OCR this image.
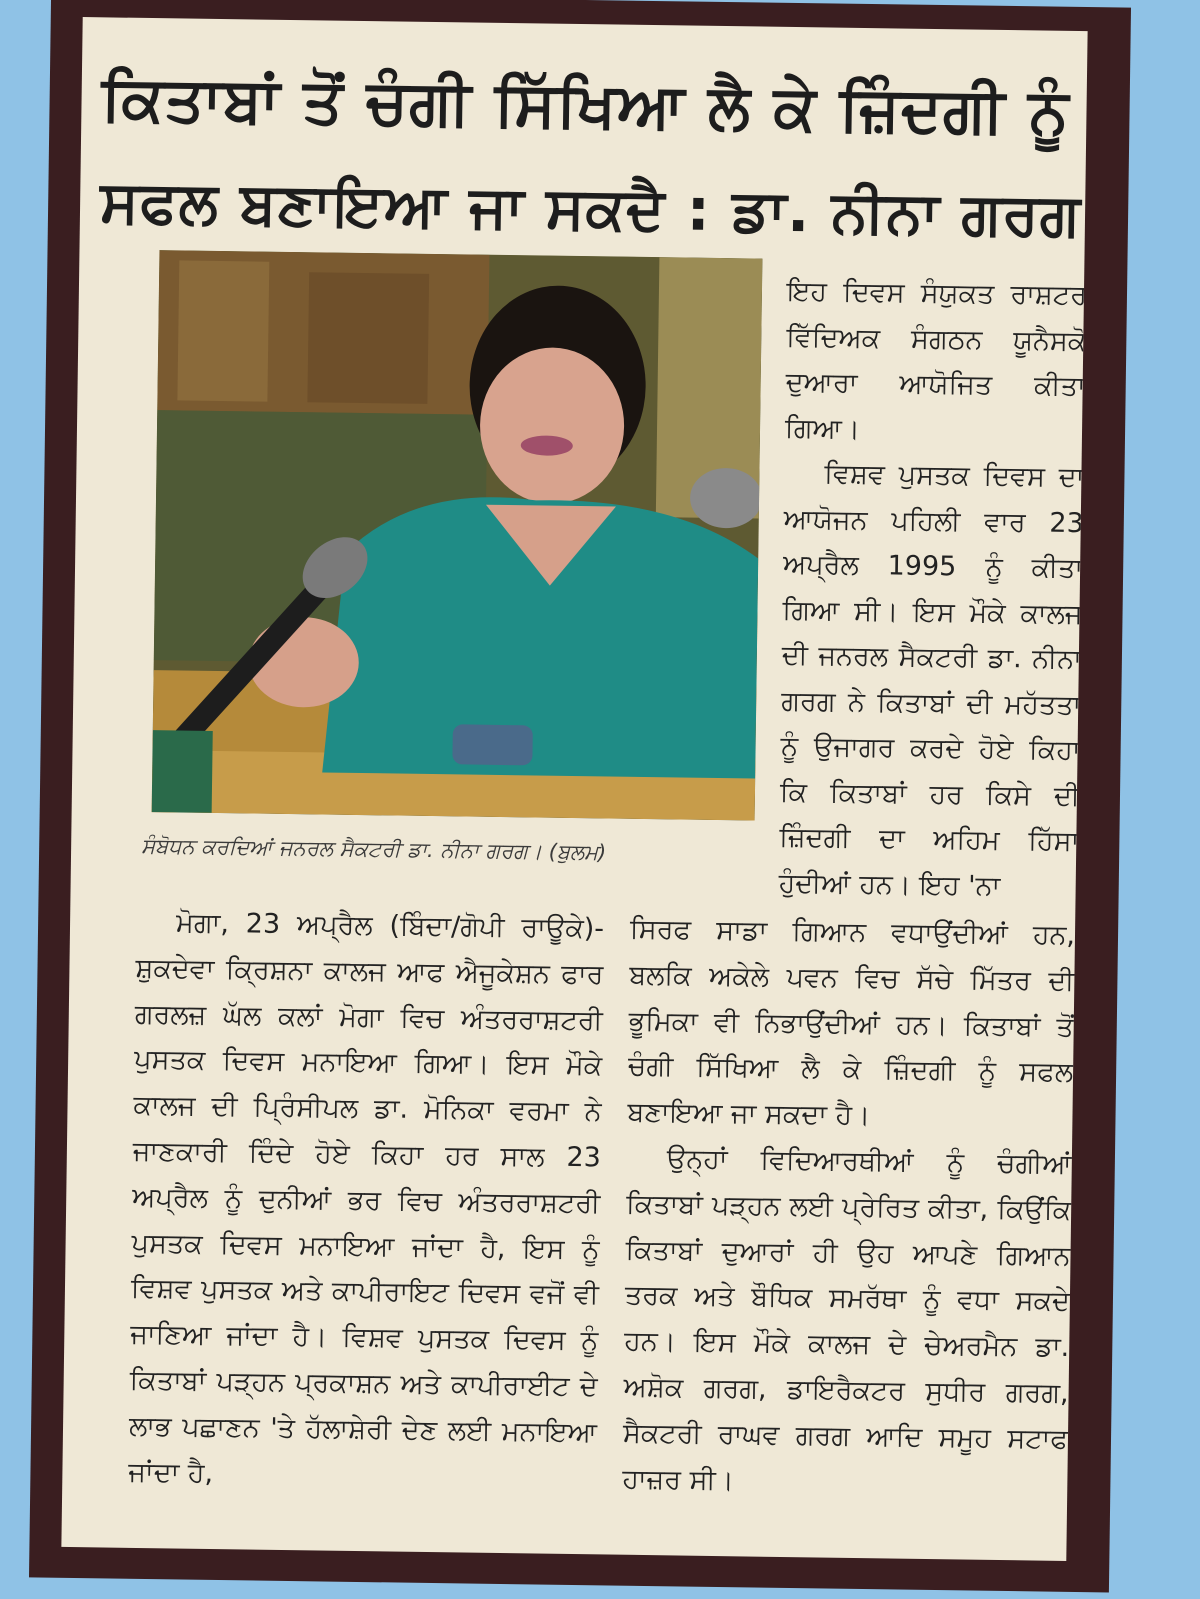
ਕਿਤਾਬਾਂ ਤੋਂ ਚੰਗੀ ਸਿੱਖਿਆ ਲੈ ਕੇ ਜ਼ਿੰਦਗੀ ਨੂੰ
ਸਫਲ ਬਣਾਇਆ ਜਾ ਸਕਦੈ : ਡਾ. ਨੀਨਾ ਗਰਗ
ਸੰਬੋਧਨ ਕਰਦਿਆਂ ਜਨਰਲ ਸੈਕਟਰੀ ਡਾ. ਨੀਨਾ ਗਰਗ। (ਬੁਲਮ)

ਇਹ ਦਿਵਸ ਸੰਯੁਕਤ ਰਾਸ਼ਟਰ ਵਿੱਦਿਅਕ ਸੰਗਠਨ ਯੂਨੈਸਕੋ ਦੁਆਰਾ ਆਯੋਜਿਤ ਕੀਤਾ ਗਿਆ।

ਵਿਸ਼ਵ ਪੁਸਤਕ ਦਿਵਸ ਦਾ ਆਯੋਜਨ ਪਹਿਲੀ ਵਾਰ 23 ਅਪ੍ਰੈਲ 1995 ਨੂੰ ਕੀਤਾ ਗਿਆ ਸੀ। ਇਸ ਮੌਕੇ ਕਾਲਜ ਦੀ ਜਨਰਲ ਸੈਕਟਰੀ ਡਾ. ਨੀਨਾ ਗਰਗ ਨੇ ਕਿਤਾਬਾਂ ਦੀ ਮਹੱਤਤਾ ਨੂੰ ਉਜਾਗਰ ਕਰਦੇ ਹੋਏ ਕਿਹਾ ਕਿ ਕਿਤਾਬਾਂ ਹਰ ਕਿਸੇ ਦੀ ਜ਼ਿੰਦਗੀ ਦਾ ਅਹਿਮ ਹਿੱਸਾ ਹੁੰਦੀਆਂ ਹਨ। ਇਹ 'ਨਾ

ਮੋਗਾ, 23 ਅਪ੍ਰੈਲ (ਬਿੰਦਾ/ਗੋਪੀ ਰਾਊਕੇ)-ਸ਼ੁਕਦੇਵਾ ਕ੍ਰਿਸ਼ਨਾ ਕਾਲਜ ਆਫ ਐਜੂਕੇਸ਼ਨ ਫਾਰ ਗਰਲਜ਼ ਘੱਲ ਕਲਾਂ ਮੋਗਾ ਵਿਚ ਅੰਤਰਰਾਸ਼ਟਰੀ ਪੁਸਤਕ ਦਿਵਸ ਮਨਾਇਆ ਗਿਆ। ਇਸ ਮੌਕੇ ਕਾਲਜ ਦੀ ਪ੍ਰਿੰਸੀਪਲ ਡਾ. ਮੋਨਿਕਾ ਵਰਮਾ ਨੇ ਜਾਣਕਾਰੀ ਦਿੰਦੇ ਹੋਏ ਕਿਹਾ ਹਰ ਸਾਲ 23 ਅਪ੍ਰੈਲ ਨੂੰ ਦੁਨੀਆਂ ਭਰ ਵਿਚ ਅੰਤਰਰਾਸ਼ਟਰੀ ਪੁਸਤਕ ਦਿਵਸ ਮਨਾਇਆ ਜਾਂਦਾ ਹੈ, ਇਸ ਨੂੰ ਵਿਸ਼ਵ ਪੁਸਤਕ ਅਤੇ ਕਾਪੀਰਾਇਟ ਦਿਵਸ ਵਜੋਂ ਵੀ ਜਾਣਿਆ ਜਾਂਦਾ ਹੈ। ਵਿਸ਼ਵ ਪੁਸਤਕ ਦਿਵਸ ਨੂੰ ਕਿਤਾਬਾਂ ਪੜ੍ਹਨ ਪ੍ਰਕਾਸ਼ਨ ਅਤੇ ਕਾਪੀਰਾਈਟ ਦੇ ਲਾਭ ਪਛਾਣਨ 'ਤੇ ਹੱਲਾਸ਼ੇਰੀ ਦੇਣ ਲਈ ਮਨਾਇਆ ਜਾਂਦਾ ਹੈ,

ਸਿਰਫ ਸਾਡਾ ਗਿਆਨ ਵਧਾਉਂਦੀਆਂ ਹਨ, ਬਲਕਿ ਅਕੇਲੇ ਪਵਨ ਵਿਚ ਸੱਚੇ ਮਿੱਤਰ ਦੀ ਭੂਮਿਕਾ ਵੀ ਨਿਭਾਉਂਦੀਆਂ ਹਨ। ਕਿਤਾਬਾਂ ਤੋਂ ਚੰਗੀ ਸਿੱਖਿਆ ਲੈ ਕੇ ਜ਼ਿੰਦਗੀ ਨੂੰ ਸਫਲ ਬਣਾਇਆ ਜਾ ਸਕਦਾ ਹੈ।

ਉਨ੍ਹਾਂ ਵਿਦਿਆਰਥੀਆਂ ਨੂੰ ਚੰਗੀਆਂ ਕਿਤਾਬਾਂ ਪੜ੍ਹਨ ਲਈ ਪ੍ਰੇਰਿਤ ਕੀਤਾ, ਕਿਉਂਕਿ ਕਿਤਾਬਾਂ ਦੁਆਰਾਂ ਹੀ ਉਹ ਆਪਣੇ ਗਿਆਨ ਤਰਕ ਅਤੇ ਬੌਧਿਕ ਸਮਰੱਥਾ ਨੂੰ ਵਧਾ ਸਕਦੇ ਹਨ। ਇਸ ਮੌਕੇ ਕਾਲਜ ਦੇ ਚੇਅਰਮੈਨ ਡਾ. ਅਸ਼ੋਕ ਗਰਗ, ਡਾਇਰੈਕਟਰ ਸੁਧੀਰ ਗਰਗ, ਸੈਕਟਰੀ ਰਾਘਵ ਗਰਗ ਆਦਿ ਸਮੂਹ ਸਟਾਫ ਹਾਜ਼ਰ ਸੀ।
